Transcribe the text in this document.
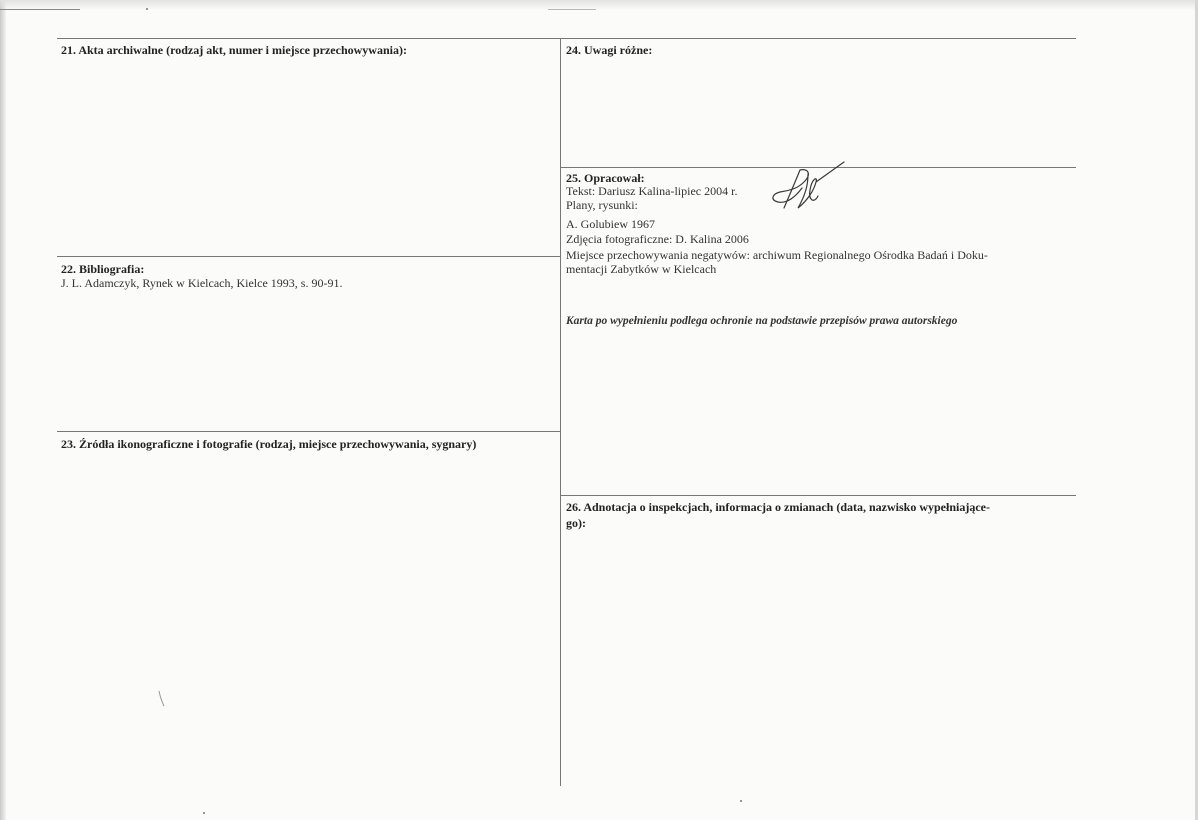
21. Akta archiwalne (rodzaj akt, numer i miejsce przechowywania):
22. Bibliografia:
J. L. Adamczyk, Rynek w Kielcach, Kielce 1993, s. 90-91.
23. Źródła ikonograficzne i fotografie (rodzaj, miejsce przechowywania, sygnary)
24. Uwagi różne:
25. Opracował:
Tekst: Dariusz Kalina-lipiec 2004 r.
Plany, rysunki:
A. Golubiew 1967
Zdjęcia fotograficzne: D. Kalina 2006
Miejsce przechowywania negatywów: archiwum Regionalnego Ośrodka Badań i Doku-
mentacji Zabytków w Kielcach
Karta po wypełnieniu podlega ochronie na podstawie przepisów prawa autorskiego
26. Adnotacja o inspekcjach, informacja o zmianach (data, nazwisko wypełniające-
go):
